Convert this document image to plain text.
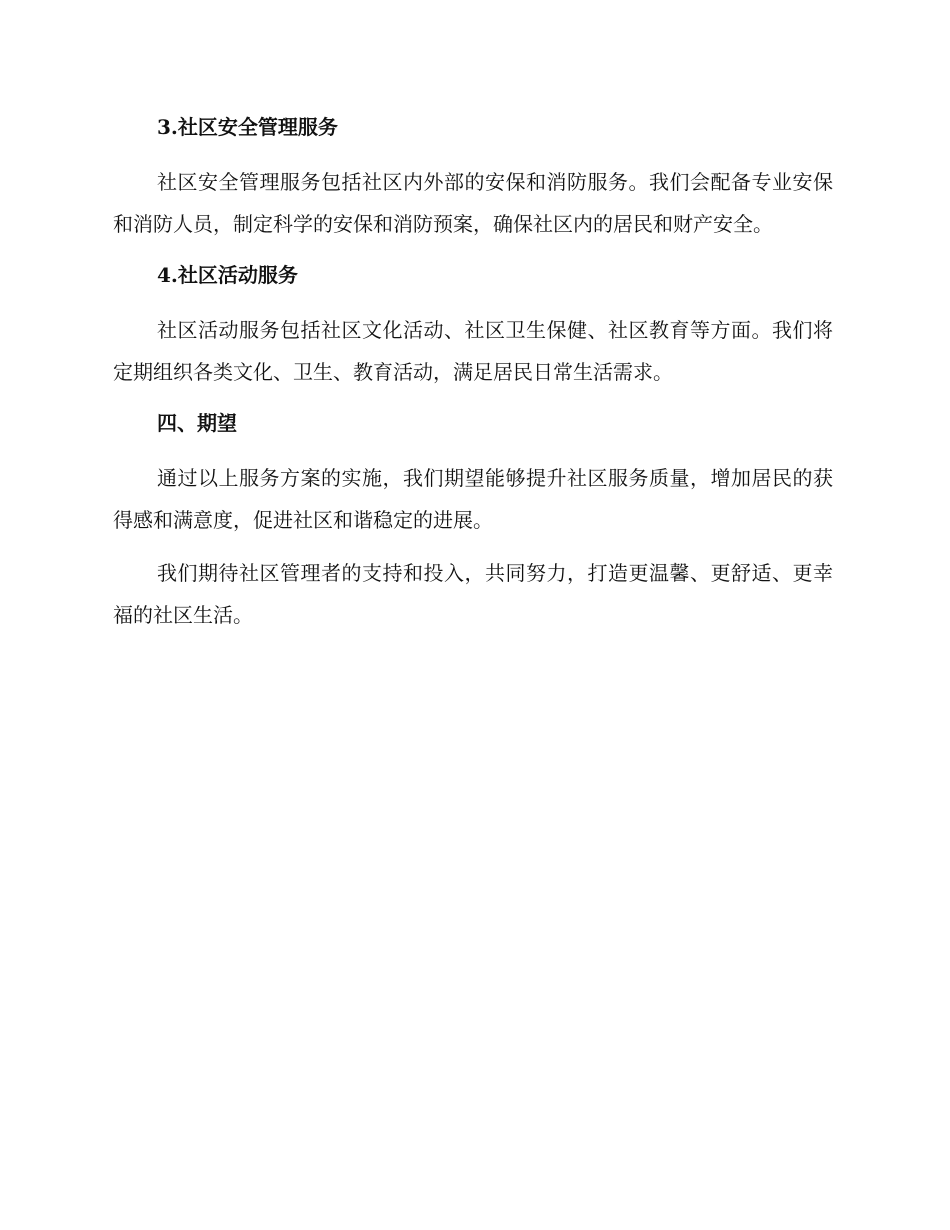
3.社区安全管理服务

社区安全管理服务包括社区内外部的安保和消防服务。我们会配备专业安保和消防人员，制定科学的安保和消防预案，确保社区内的居民和财产安全。

4.社区活动服务

社区活动服务包括社区文化活动、社区卫生保健、社区教育等方面。我们将定期组织各类文化、卫生、教育活动，满足居民日常生活需求。

四、期望

通过以上服务方案的实施，我们期望能够提升社区服务质量，增加居民的获得感和满意度，促进社区和谐稳定的进展。

我们期待社区管理者的支持和投入，共同努力，打造更温馨、更舒适、更幸福的社区生活。
